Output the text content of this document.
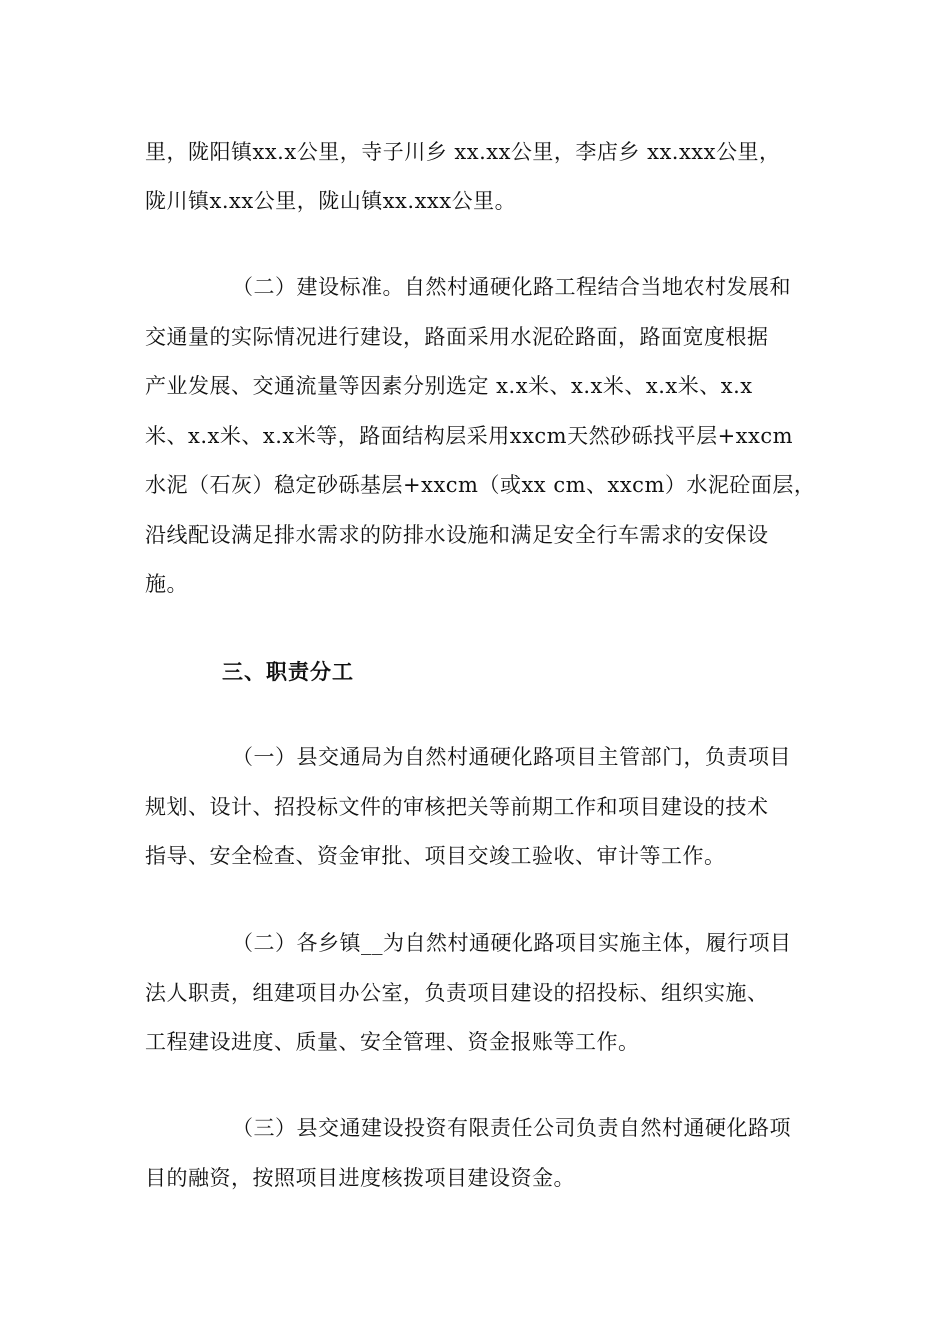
里，陇阳镇xx.x公里，寺子川乡 xx.xx公里，李店乡 xx.xxx公里，
陇川镇x.xx公里，陇山镇xx.xxx公里。
（二）建设标准。自然村通硬化路工程结合当地农村发展和
交通量的实际情况进行建设，路面采用水泥砼路面，路面宽度根据
产业发展、交通流量等因素分别选定 x.x米、x.x米、x.x米、x.x
米、x.x米、x.x米等，路面结构层采用xxcm天然砂砾找平层+xxcm
水泥（石灰）稳定砂砾基层+xxcm（或xx cm、xxcm）水泥砼面层，
沿线配设满足排水需求的防排水设施和满足安全行车需求的安保设
施。
三、职责分工
（一）县交通局为自然村通硬化路项目主管部门，负责项目
规划、设计、招投标文件的审核把关等前期工作和项目建设的技术
指导、安全检查、资金审批、项目交竣工验收、审计等工作。
（二）各乡镇__为自然村通硬化路项目实施主体，履行项目
法人职责，组建项目办公室，负责项目建设的招投标、组织实施、
工程建设进度、质量、安全管理、资金报账等工作。
（三）县交通建设投资有限责任公司负责自然村通硬化路项
目的融资，按照项目进度核拨项目建设资金。
